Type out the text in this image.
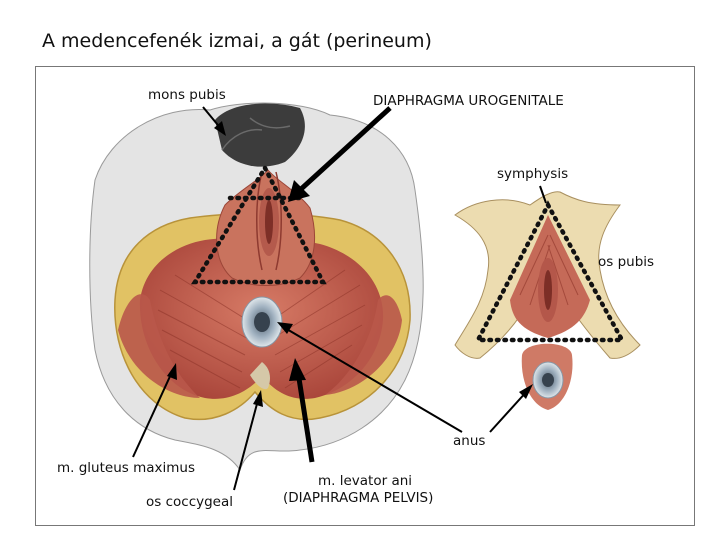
A medencefenék izmai, a gát (perineum)
mons pubis	DIAPHRAGMA UROGENITALE
symphysis
os pubis
anus
m. gluteus maximus
os coccygeal
m. levator ani
(DIAPHRAGMA PELVIS)
